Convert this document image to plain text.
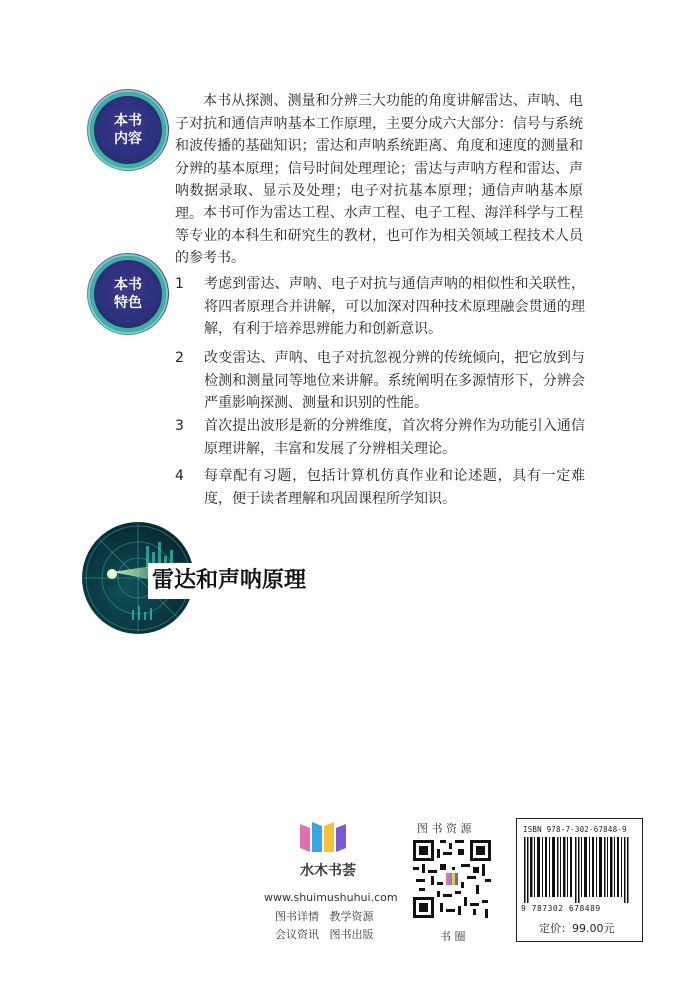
本书
内容

本书从探测、测量和分辨三大功能的角度讲解雷达、声呐、电子对抗和通信声呐基本工作原理，主要分成六大部分：信号与系统和波传播的基础知识；雷达和声呐系统距离、角度和速度的测量和分辨的基本原理；信号时间处理理论；雷达与声呐方程和雷达、声呐数据录取、显示及处理；电子对抗基本原理；通信声呐基本原理。 本书可作为雷达工程、水声工程、电子工程、海洋科学与工程等专业的本科生和研究生的教材，也可作为相关领域工程技术人员的参考书。

本书
特色
1	考虑到雷达、声呐、电子对抗与通信声呐的相似性和关联性，将四者原理合并讲解，可以加深对四种技术原理融会贯通的理解，有利于培养思辨能力和创新意识。
2	改变雷达、声呐、电子对抗忽视分辨的传统倾向，把它放到与检测和测量同等地位来讲解。系统阐明在多源情形下，分辨会严重影响探测、测量和识别的性能。
3	首次提出波形是新的分辨维度，首次将分辨作为功能引入通信原理讲解，丰富和发展了分辨相关理论。
4	每章配有习题，包括计算机仿真作业和论述题，具有一定难度，便于读者理解和巩固课程所学知识。
雷达和声呐原理
水木书荟
www.shuimushuhui.com
图书详情   教学资源
会议资讯   图书出版
图 书 资 源
书 圈
ISBN 978-7-302-67848-9
9 787302 678489
定价：99.00元
